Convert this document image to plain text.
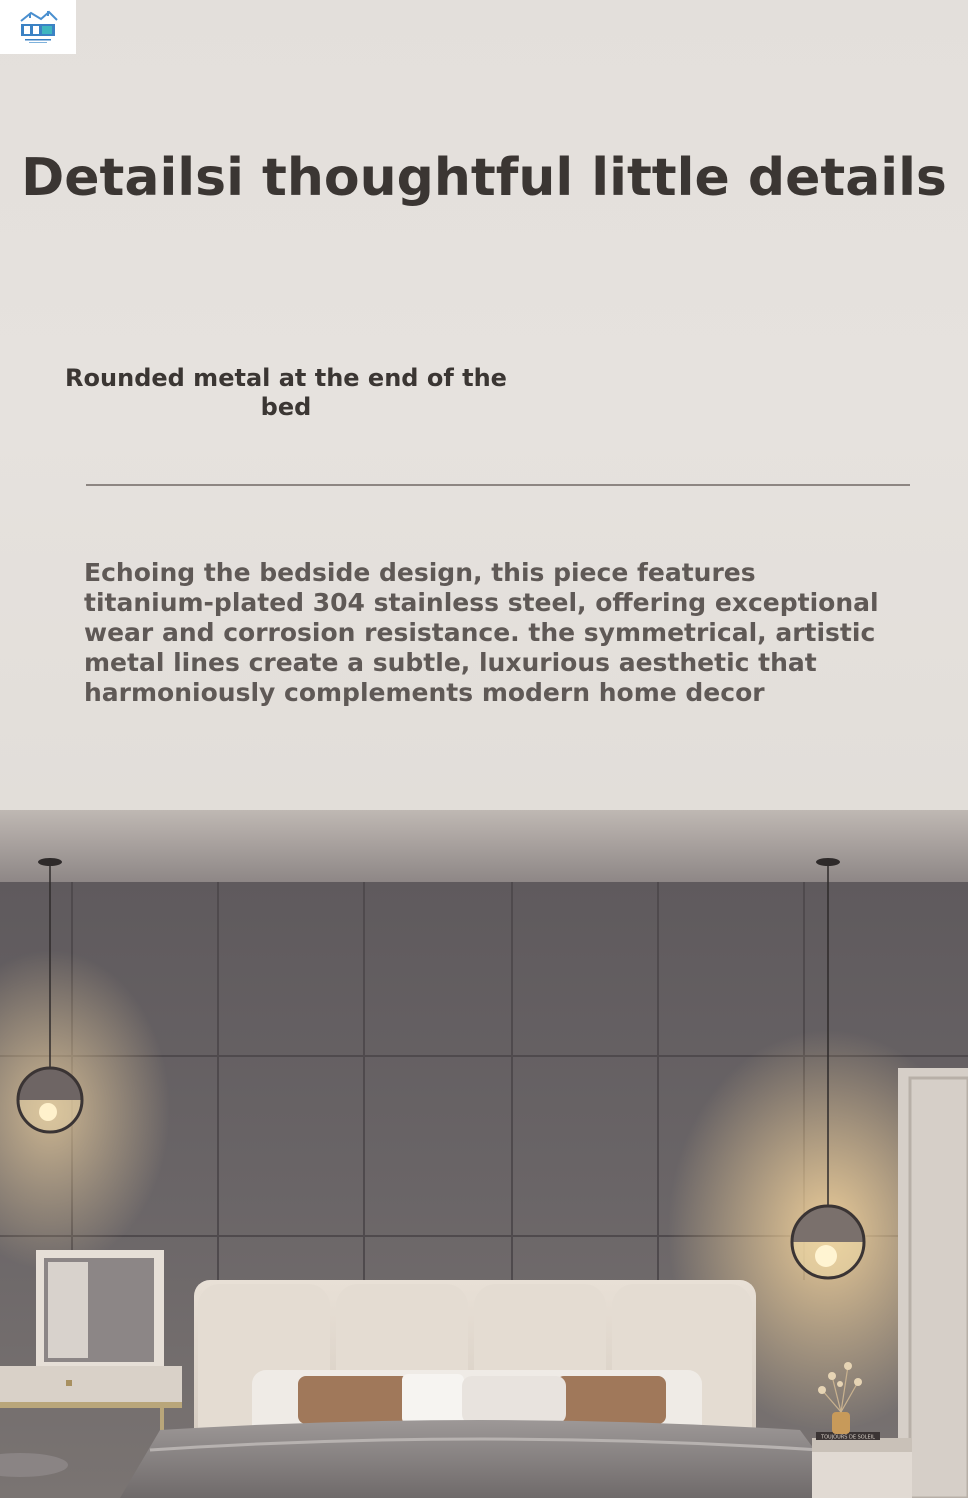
Detailsi thoughtful little details
Rounded metal at the end of the bed

Echoing the bedside design, this piece features titanium-plated 304 stainless steel, offering exceptional wear and corrosion resistance. the symmetrical, artistic metal lines create a subtle, luxurious aesthetic that harmoniously complements modern home decor

TOUJOURS DE SOLEIL
